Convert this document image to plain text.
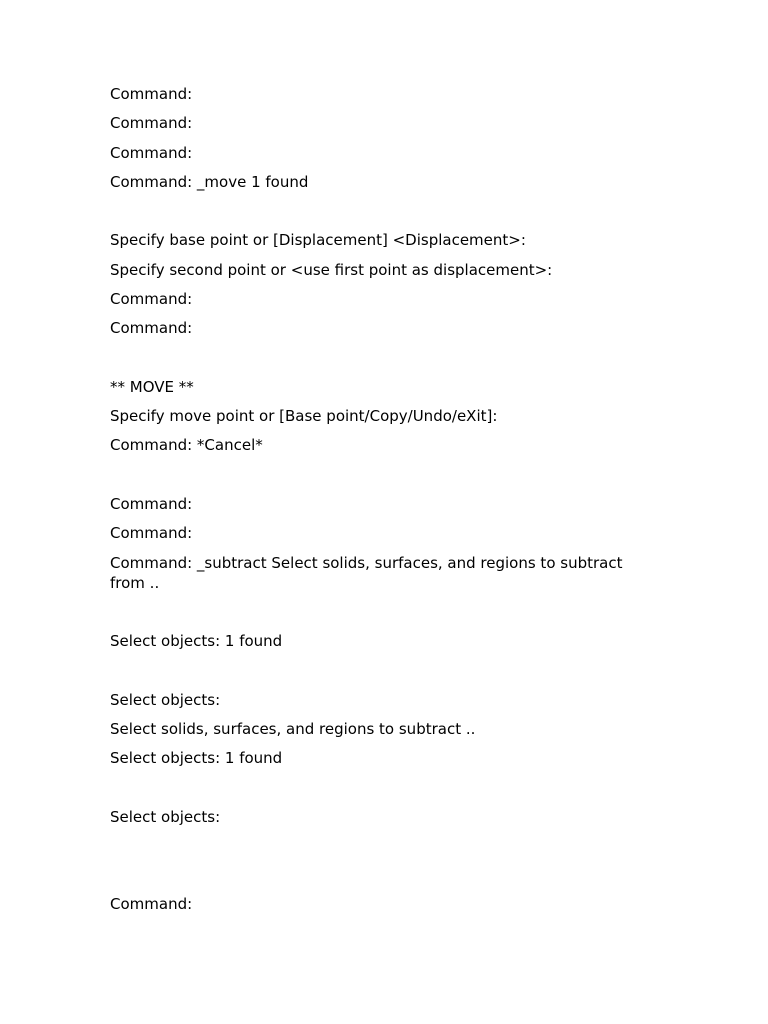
Command:

Command:

Command:

Command: _move 1 found

Specify base point or [Displacement] <Displacement>:

Specify second point or <use first point as displacement>:

Command:

Command:

** MOVE **

Specify move point or [Base point/Copy/Undo/eXit]:

Command: *Cancel*

Command:

Command:

Command: _subtract Select solids, surfaces, and regions to subtract from ..

Select objects: 1 found

Select objects:

Select solids, surfaces, and regions to subtract ..

Select objects: 1 found

Select objects:

Command:
